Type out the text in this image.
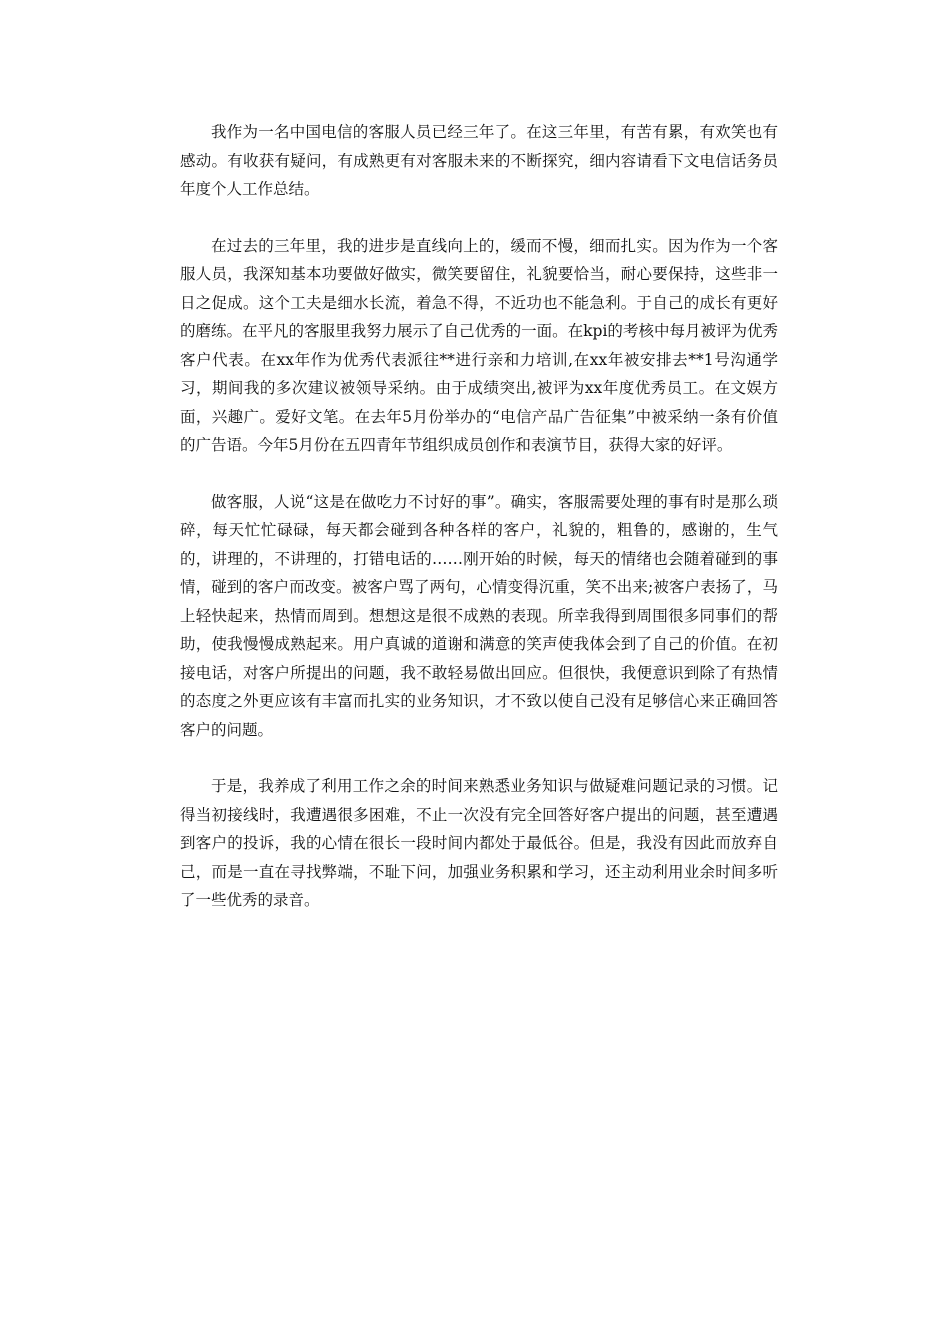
我作为一名中国电信的客服人员已经三年了。在这三年里，有苦有累，有欢笑也有感动。有收获有疑问，有成熟更有对客服未来的不断探究，细内容请看下文电信话务员年度个人工作总结。

在过去的三年里，我的进步是直线向上的，缓而不慢，细而扎实。因为作为一个客服人员，我深知基本功要做好做实，微笑要留住，礼貌要恰当，耐心要保持，这些非一日之促成。这个工夫是细水长流，着急不得，不近功也不能急利。于自己的成长有更好的磨练。在平凡的客服里我努力展示了自己优秀的一面。在kpi的考核中每月被评为优秀客户代表。在xx年作为优秀代表派往**进行亲和力培训,在xx年被安排去**1号沟通学习，期间我的多次建议被领导采纳。由于成绩突出,被评为xx年度优秀员工。在文娱方面，兴趣广。爱好文笔。在去年5月份举办的“电信产品广告征集”中被采纳一条有价值的广告语。今年5月份在五四青年节组织成员创作和表演节目，获得大家的好评。

做客服，人说“这是在做吃力不讨好的事”。确实，客服需要处理的事有时是那么琐碎，每天忙忙碌碌，每天都会碰到各种各样的客户，礼貌的，粗鲁的，感谢的，生气的，讲理的，不讲理的，打错电话的……刚开始的时候，每天的情绪也会随着碰到的事情，碰到的客户而改变。被客户骂了两句，心情变得沉重，笑不出来;被客户表扬了，马上轻快起来，热情而周到。想想这是很不成熟的表现。所幸我得到周围很多同事们的帮助，使我慢慢成熟起来。用户真诚的道谢和满意的笑声使我体会到了自己的价值。在初接电话，对客户所提出的问题，我不敢轻易做出回应。但很快，我便意识到除了有热情的态度之外更应该有丰富而扎实的业务知识，才不致以使自己没有足够信心来正确回答客户的问题。

于是，我养成了利用工作之余的时间来熟悉业务知识与做疑难问题记录的习惯。记得当初接线时，我遭遇很多困难，不止一次没有完全回答好客户提出的问题，甚至遭遇到客户的投诉，我的心情在很长一段时间内都处于最低谷。但是，我没有因此而放弃自己，而是一直在寻找弊端，不耻下问，加强业务积累和学习，还主动利用业余时间多听了一些优秀的录音。
